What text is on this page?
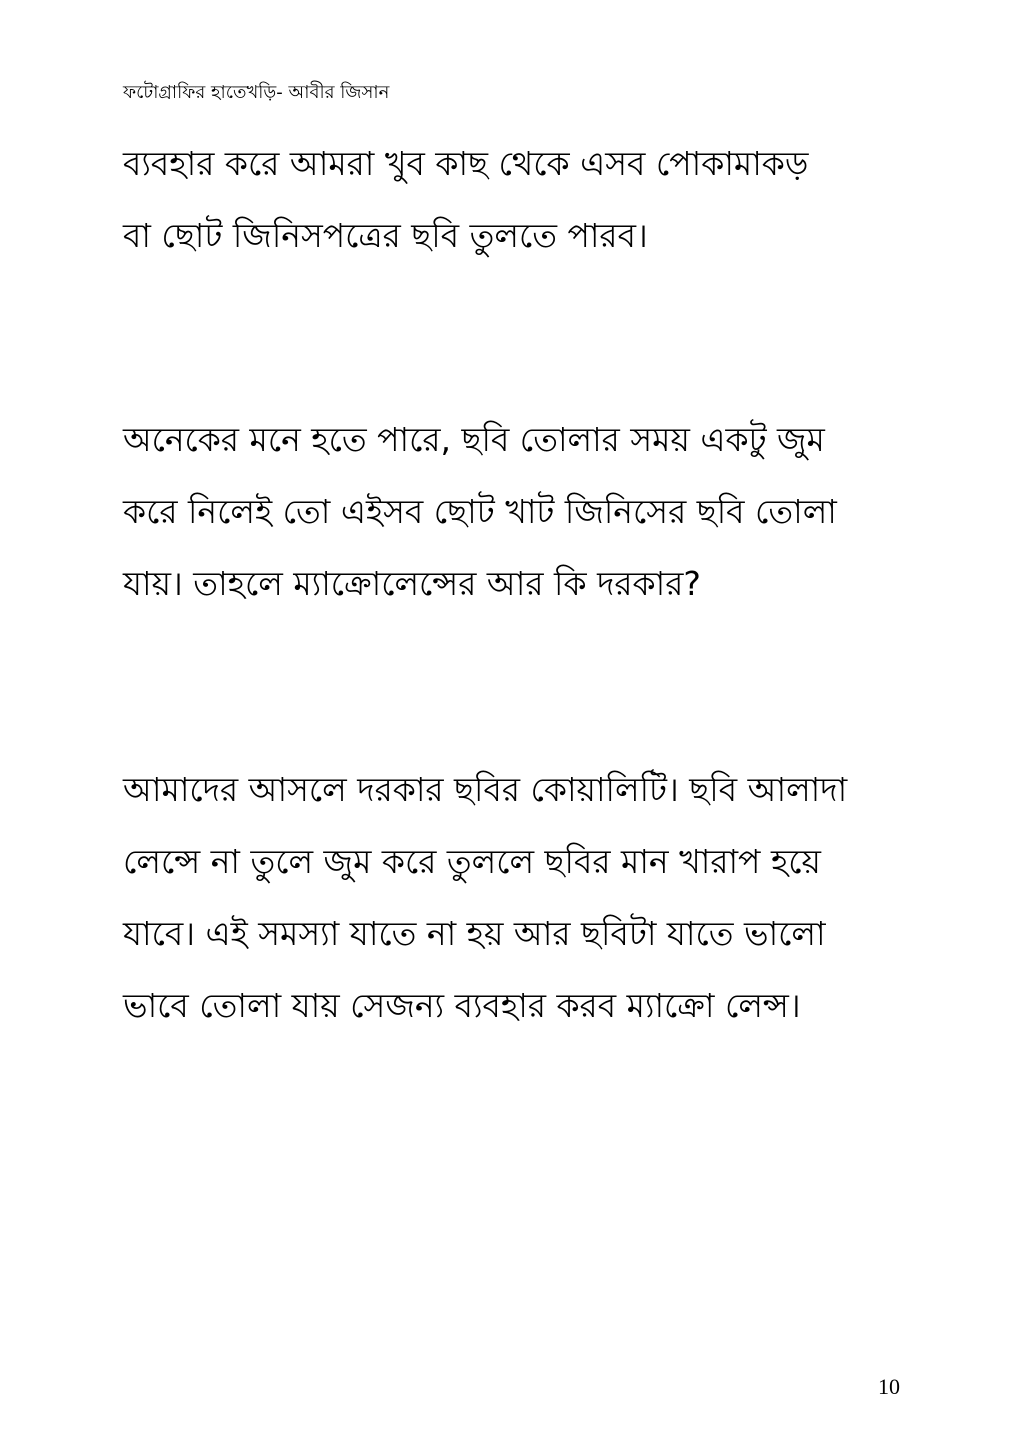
ফটোগ্রাফির হাতেখড়ি- আবীর জিসান
ব্যবহার করে আমরা খুব কাছ থেকে এসব পোকামাকড়
বা ছোট জিনিসপত্রের ছবি তুলতে পারব।
অনেকের মনে হতে পারে, ছবি তোলার সময় একটু জুম
করে নিলেই তো এইসব ছোট খাট জিনিসের ছবি তোলা
যায়। তাহলে ম্যাক্রোলেন্সের আর কি দরকার?
আমাদের আসলে দরকার ছবির কোয়ালিটি। ছবি আলাদা
লেন্সে না তুলে জুম করে তুললে ছবির মান খারাপ হয়ে
যাবে। এই সমস্যা যাতে না হয় আর ছবিটা যাতে ভালো
ভাবে তোলা যায় সেজন্য ব্যবহার করব ম্যাক্রো লেন্স।
10
